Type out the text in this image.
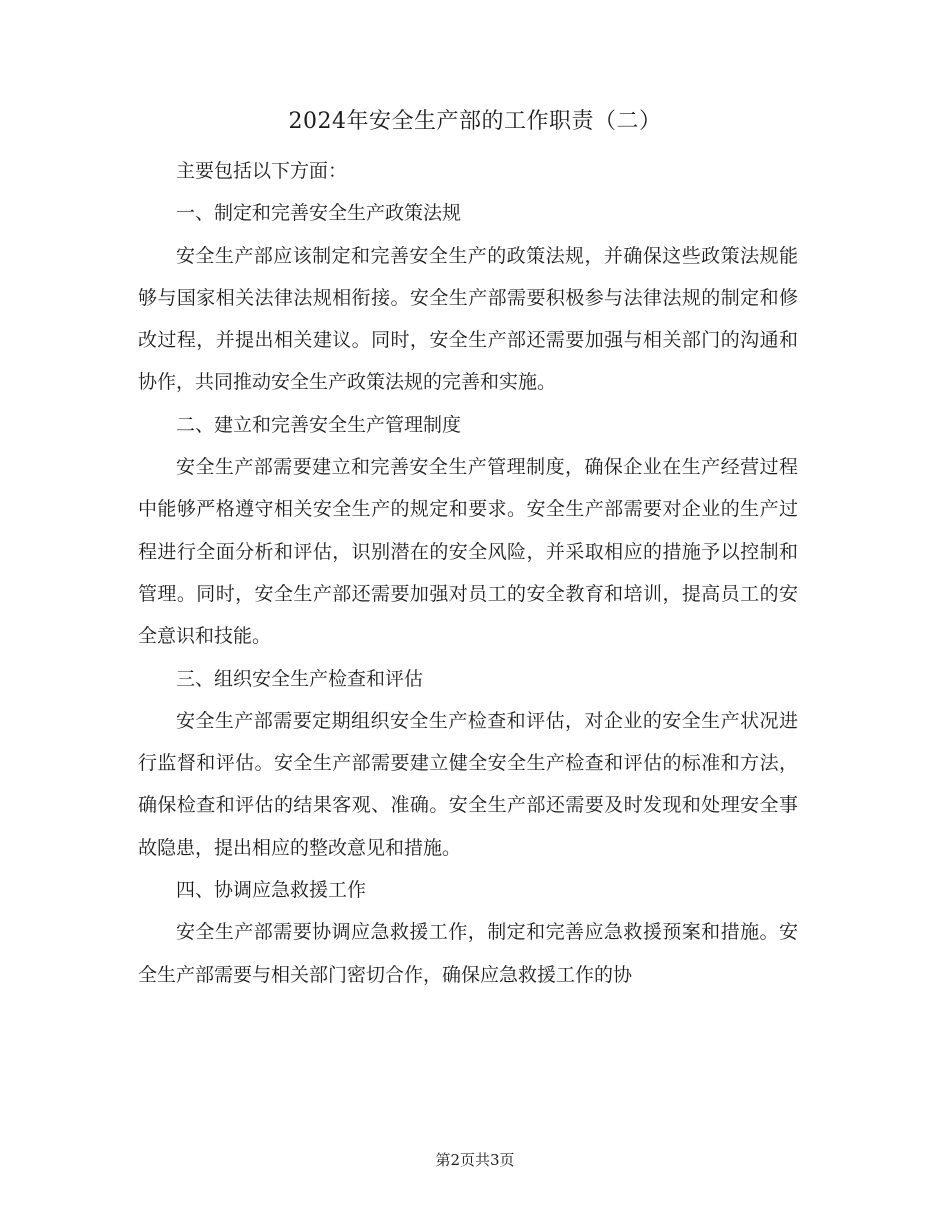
2024年安全生产部的工作职责（二）

主要包括以下方面：

一、制定和完善安全生产政策法规

安全生产部应该制定和完善安全生产的政策法规，并确保这些政策法规能够与国家相关法律法规相衔接。安全生产部需要积极参与法律法规的制定和修改过程，并提出相关建议。同时，安全生产部还需要加强与相关部门的沟通和协作，共同推动安全生产政策法规的完善和实施。

二、建立和完善安全生产管理制度

安全生产部需要建立和完善安全生产管理制度，确保企业在生产经营过程中能够严格遵守相关安全生产的规定和要求。安全生产部需要对企业的生产过程进行全面分析和评估，识别潜在的安全风险，并采取相应的措施予以控制和管理。同时，安全生产部还需要加强对员工的安全教育和培训，提高员工的安全意识和技能。

三、组织安全生产检查和评估

安全生产部需要定期组织安全生产检查和评估，对企业的安全生产状况进行监督和评估。安全生产部需要建立健全安全生产检查和评估的标准和方法，确保检查和评估的结果客观、准确。安全生产部还需要及时发现和处理安全事故隐患，提出相应的整改意见和措施。

四、协调应急救援工作

安全生产部需要协调应急救援工作，制定和完善应急救援预案和措施。安全生产部需要与相关部门密切合作，确保应急救援工作的协

第2页共3页
